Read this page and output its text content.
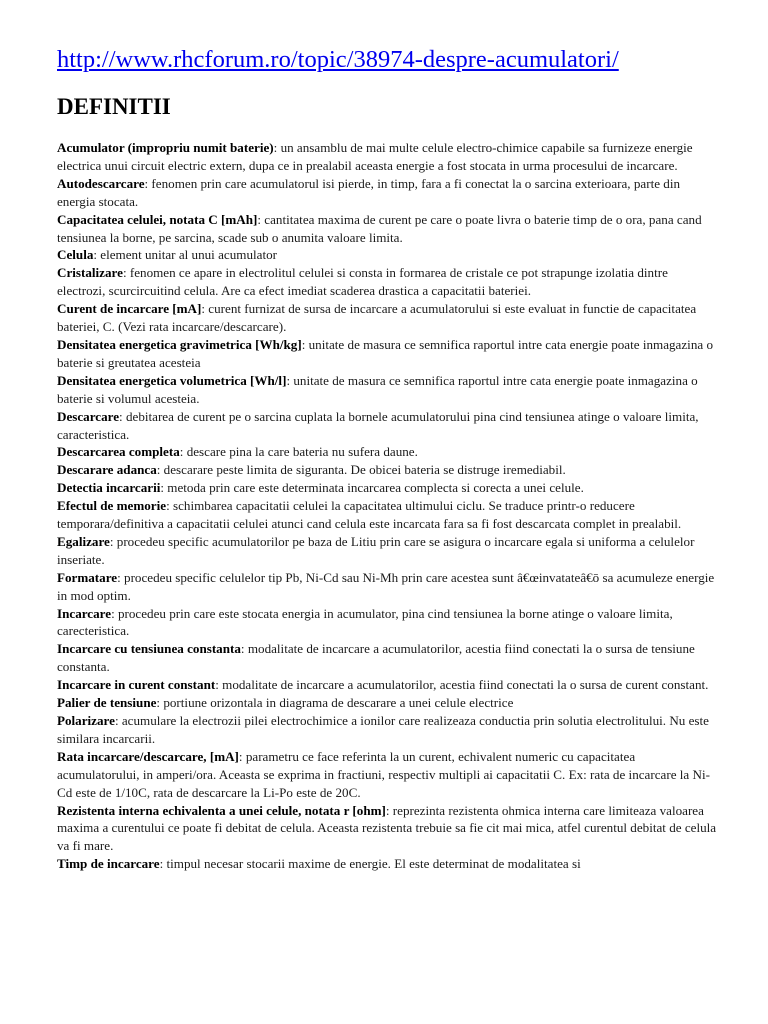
http://www.rhcforum.ro/topic/38974-despre-acumulatori/
DEFINITII

Acumulator (impropriu numit baterie): un ansamblu de mai multe celule electro-chimice capabile sa furnizeze energie electrica unui circuit electric extern, dupa ce in prealabil aceasta energie a fost stocata in urma procesului de incarcare.

Autodescarcare: fenomen prin care acumulatorul isi pierde, in timp, fara a fi conectat la o sarcina exterioara, parte din energia stocata.

Capacitatea celulei, notata C [mAh]: cantitatea maxima de curent pe care o poate livra o baterie timp de o ora, pana cand tensiunea la borne, pe sarcina, scade sub o anumita valoare limita.

Celula: element unitar al unui acumulator

Cristalizare: fenomen ce apare in electrolitul celulei si consta in formarea de cristale ce pot strapunge izolatia dintre electrozi, scurcircuitind celula. Are ca efect imediat scaderea drastica a capacitatii bateriei.

Curent de incarcare [mA]: curent furnizat de sursa de incarcare a acumulatorului si este evaluat in functie de capacitatea bateriei, C. (Vezi rata incarcare/descarcare).

Densitatea energetica gravimetrica [Wh/kg]: unitate de masura ce semnifica raportul intre cata energie poate inmagazina o baterie si greutatea acesteia

Densitatea energetica volumetrica [Wh/l]: unitate de masura ce semnifica raportul intre cata energie poate inmagazina o baterie si volumul acesteia.

Descarcare: debitarea de curent pe o sarcina cuplata la bornele acumulatorului pina cind tensiunea atinge o valoare limita, caracteristica.

Descarcarea completa: descare pina la care bateria nu sufera daune.

Descarare adanca: descarare peste limita de siguranta. De obicei bateria se distruge iremediabil.

Detectia incarcarii: metoda prin care este determinata incarcarea complecta si corecta a unei celule.

Efectul de memorie: schimbarea capacitatii celulei la capacitatea ultimului ciclu. Se traduce printr-o reducere temporara/definitiva a capacitatii celulei atunci cand celula este incarcata fara sa fi fost descarcata complet in prealabil.

Egalizare: procedeu specific acumulatorilor pe baza de Litiu prin care se asigura o incarcare egala si uniforma a celulelor inseriate.

Formatare: procedeu specific celulelor tip Pb, Ni-Cd sau Ni-Mh prin care acestea sunt â€œinvatateâ€ō sa acumuleze energie in mod optim.

Incarcare: procedeu prin care este stocata energia in acumulator, pina cind tensiunea la borne atinge o valoare limita, carecteristica.

Incarcare cu tensiunea constanta: modalitate de incarcare a acumulatorilor, acestia fiind conectati la o sursa de tensiune constanta.

Incarcare in curent constant: modalitate de incarcare a acumulatorilor, acestia fiind conectati la o sursa de curent constant.

Palier de tensiune: portiune orizontala in diagrama de descarare a unei celule electrice

Polarizare: acumulare la electrozii pilei electrochimice a ionilor care realizeaza conductia prin solutia electrolitului. Nu este similara incarcarii.

Rata incarcare/descarcare, [mA]: parametru ce face referinta la un curent, echivalent numeric cu capacitatea acumulatorului, in amperi/ora. Aceasta se exprima in fractiuni, respectiv multipli ai capacitatii C. Ex: rata de incarcare la Ni-Cd este de 1/10C, rata de descarcare la Li-Po este de 20C.

Rezistenta interna echivalenta a unei celule, notata r [ohm]: reprezinta rezistenta ohmica interna care limiteaza valoarea maxima a curentului ce poate fi debitat de celula. Aceasta rezistenta trebuie sa fie cit mai mica, atfel curentul debitat de celula va fi mare.

Timp de incarcare: timpul necesar stocarii maxime de energie. El este determinat de modalitatea si
